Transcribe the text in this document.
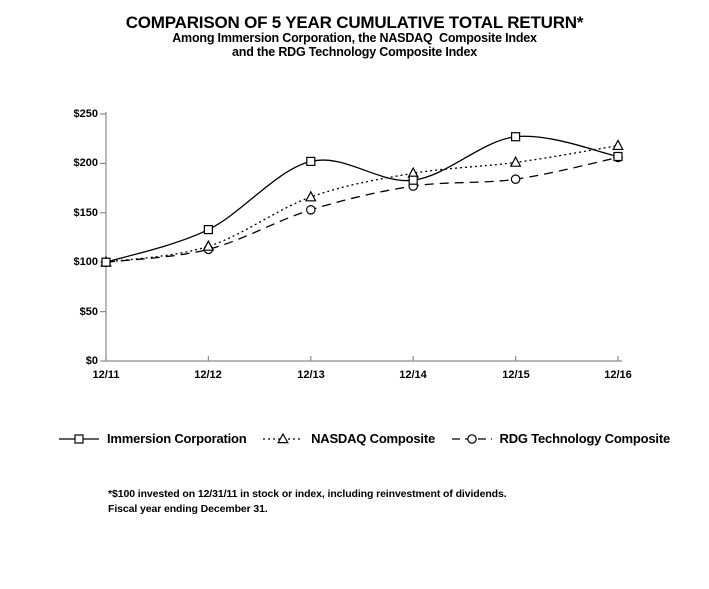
COMPARISON OF 5 YEAR CUMULATIVE TOTAL RETURN*
Among Immersion Corporation, the NASDAQ  Composite Index
and the RDG Technology Composite Index
$250
$200
$150
$100
$50
$0
12/11	12/12	12/13	12/14	12/15	12/16
Immersion Corporation	NASDAQ Composite	RDG Technology Composite
*$100 invested on 12/31/11 in stock or index, including reinvestment of dividends.
Fiscal year ending December 31.
